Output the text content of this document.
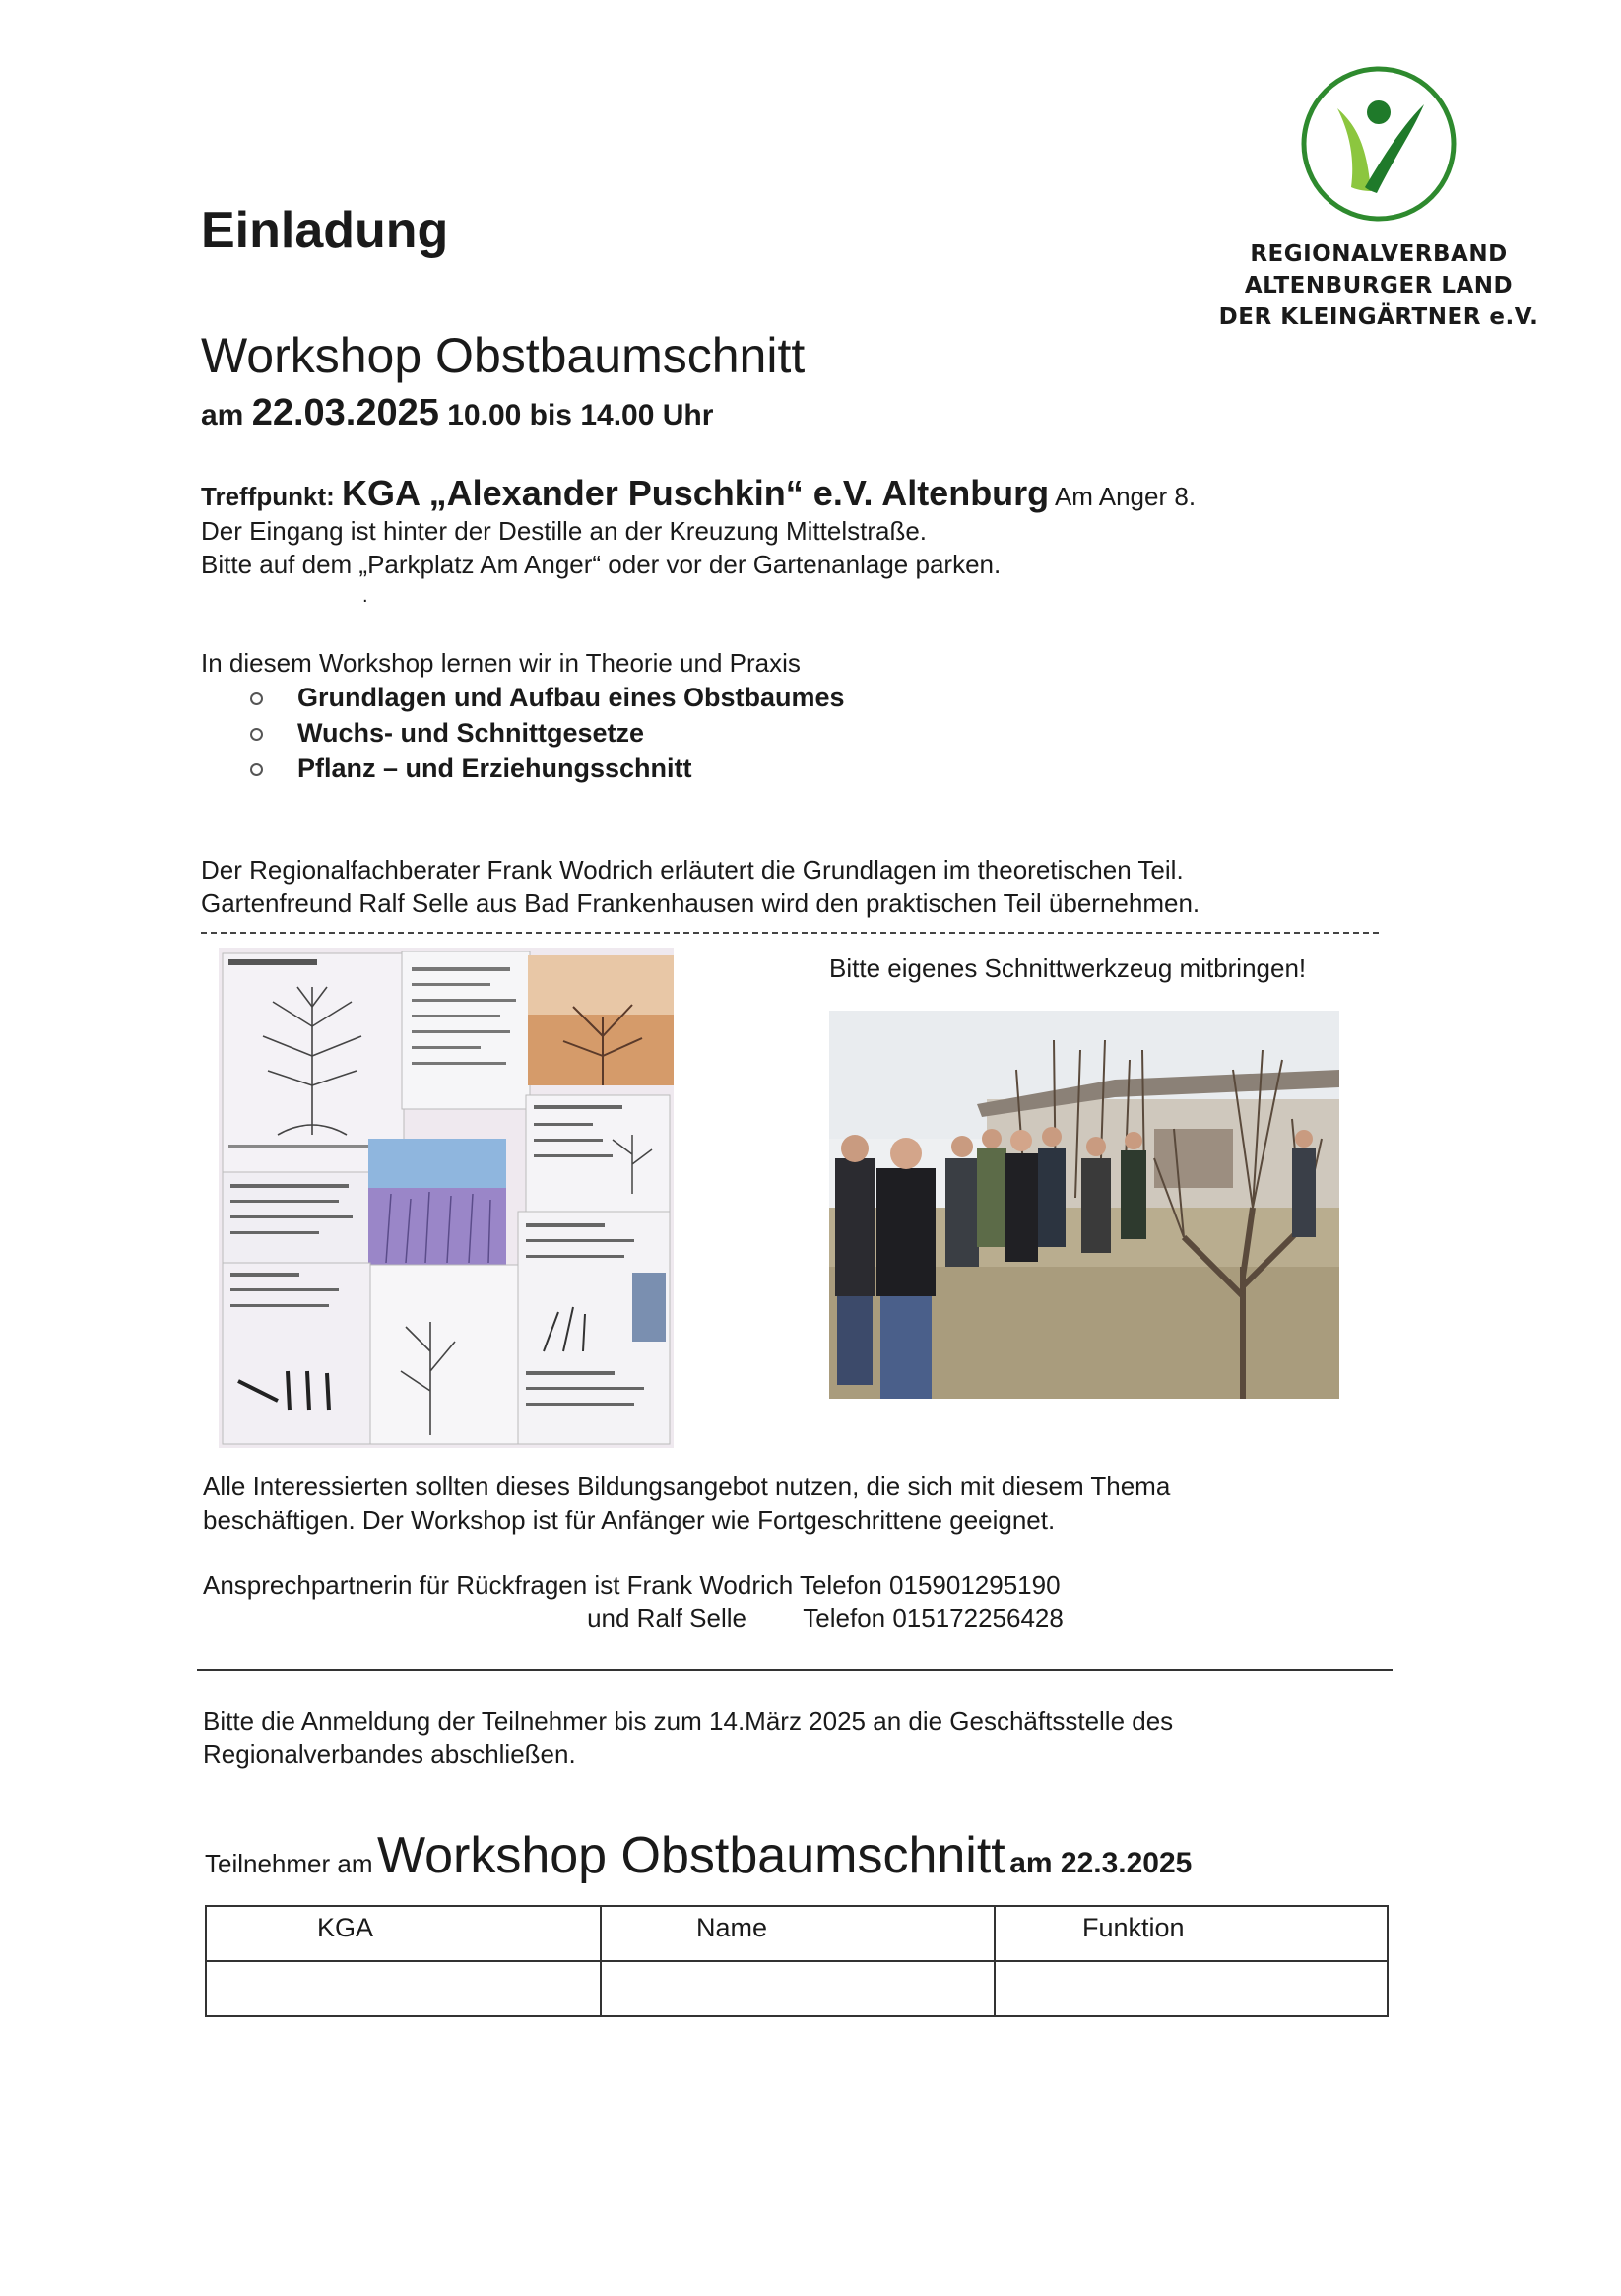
REGIONALVERBAND
ALTENBURGER LAND
DER KLEINGÄRTNER e.V.
Einladung
Workshop Obstbaumschnitt
am 22.03.2025 10.00 bis 14.00 Uhr
Treffpunkt: KGA „Alexander Puschkin“ e.V. Altenburg Am Anger 8.
Der Eingang ist hinter der Destille an der Kreuzung Mittelstraße.
Bitte auf dem „Parkplatz Am Anger“ oder vor der Gartenanlage parken.
.
In diesem Workshop lernen wir in Theorie und Praxis
Grundlagen und Aufbau eines Obstbaumes
Wuchs- und Schnittgesetze
Pflanz – und Erziehungsschnitt
Der Regionalfachberater Frank Wodrich erläutert die Grundlagen im theoretischen Teil.
Gartenfreund Ralf Selle aus Bad Frankenhausen wird den praktischen Teil übernehmen.
Bitte eigenes Schnittwerkzeug mitbringen!
Alle Interessierten sollten dieses Bildungsangebot nutzen, die sich mit diesem Thema
beschäftigen. Der Workshop ist für Anfänger wie Fortgeschrittene geeignet.
Ansprechpartnerin für Rückfragen ist Frank Wodrich Telefon 015901295190
und Ralf Selle        Telefon 015172256428
Bitte die Anmeldung der Teilnehmer bis zum 14.März 2025 an die Geschäftsstelle des
Regionalverbandes abschließen.
Teilnehmer am Workshop Obstbaumschnitt am 22.3.2025
KGA	Name	Funktion
